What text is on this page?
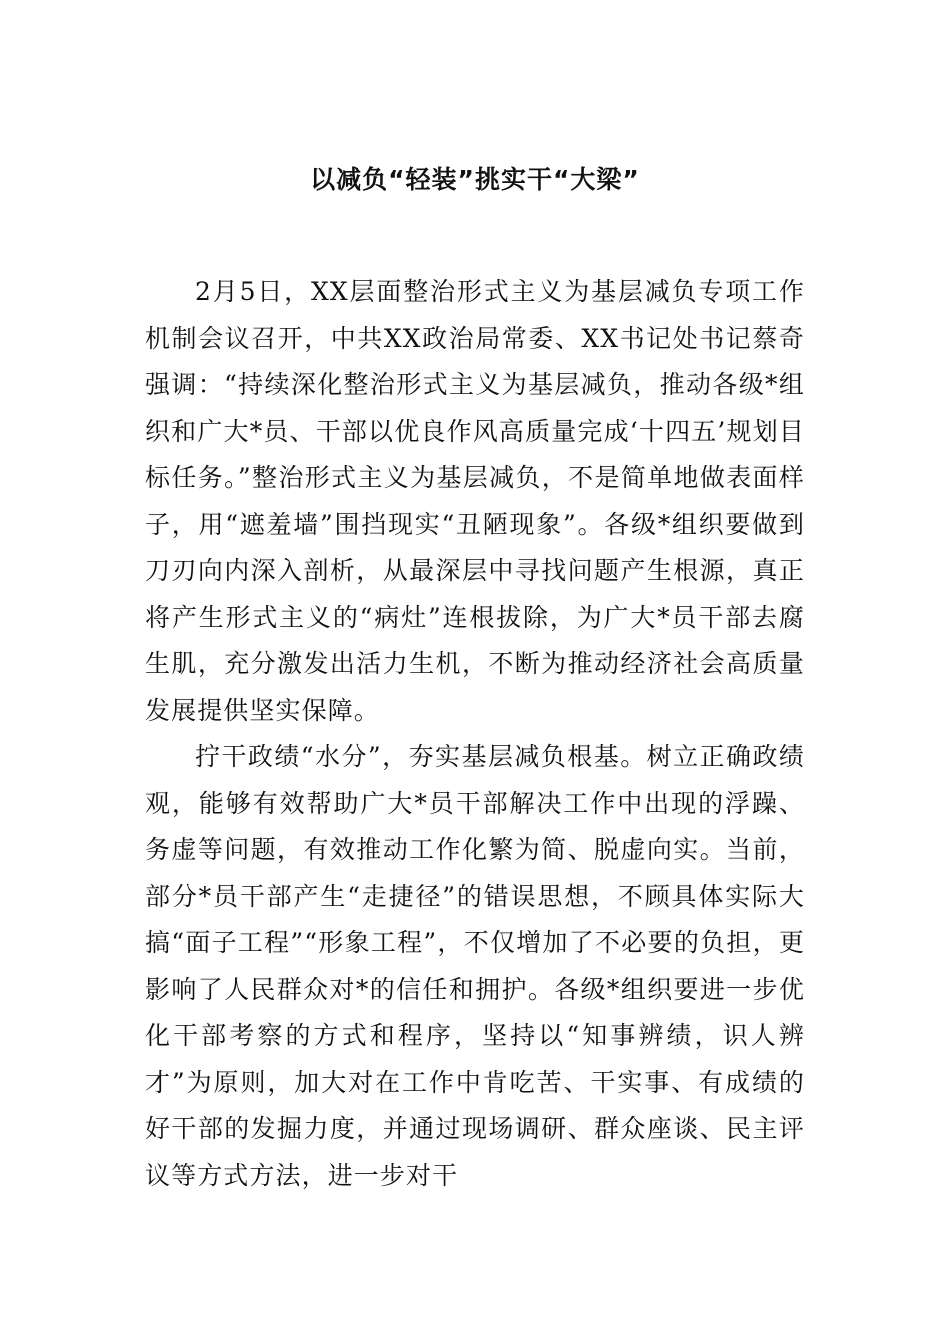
以减负“轻装”挑实干“大梁”

2月5日，XX层面整治形式主义为基层减负专项工作机制会议召开，中共XX政治局常委、XX书记处书记蔡奇强调：“持续深化整治形式主义为基层减负，推动各级*组织和广大*员、干部以优良作风高质量完成‘十四五’规划目标任务。”整治形式主义为基层减负，不是简单地做表面样子，用“遮羞墙”围挡现实“丑陋现象”。各级*组织要做到刀刃向内深入剖析，从最深层中寻找问题产生根源，真正将产生形式主义的“病灶”连根拔除，为广大*员干部去腐生肌，充分激发出活力生机，不断为推动经济社会高质量发展提供坚实保障。

拧干政绩“水分”，夯实基层减负根基。树立正确政绩观，能够有效帮助广大*员干部解决工作中出现的浮躁、务虚等问题，有效推动工作化繁为简、脱虚向实。当前，部分*员干部产生“走捷径”的错误思想，不顾具体实际大搞“面子工程”“形象工程”，不仅增加了不必要的负担，更影响了人民群众对*的信任和拥护。各级*组织要进一步优化干部考察的方式和程序，坚持以“知事辨绩，识人辨才”为原则，加大对在工作中肯吃苦、干实事、有成绩的好干部的发掘力度，并通过现场调研、群众座谈、民主评议等方式方法，进一步对干
